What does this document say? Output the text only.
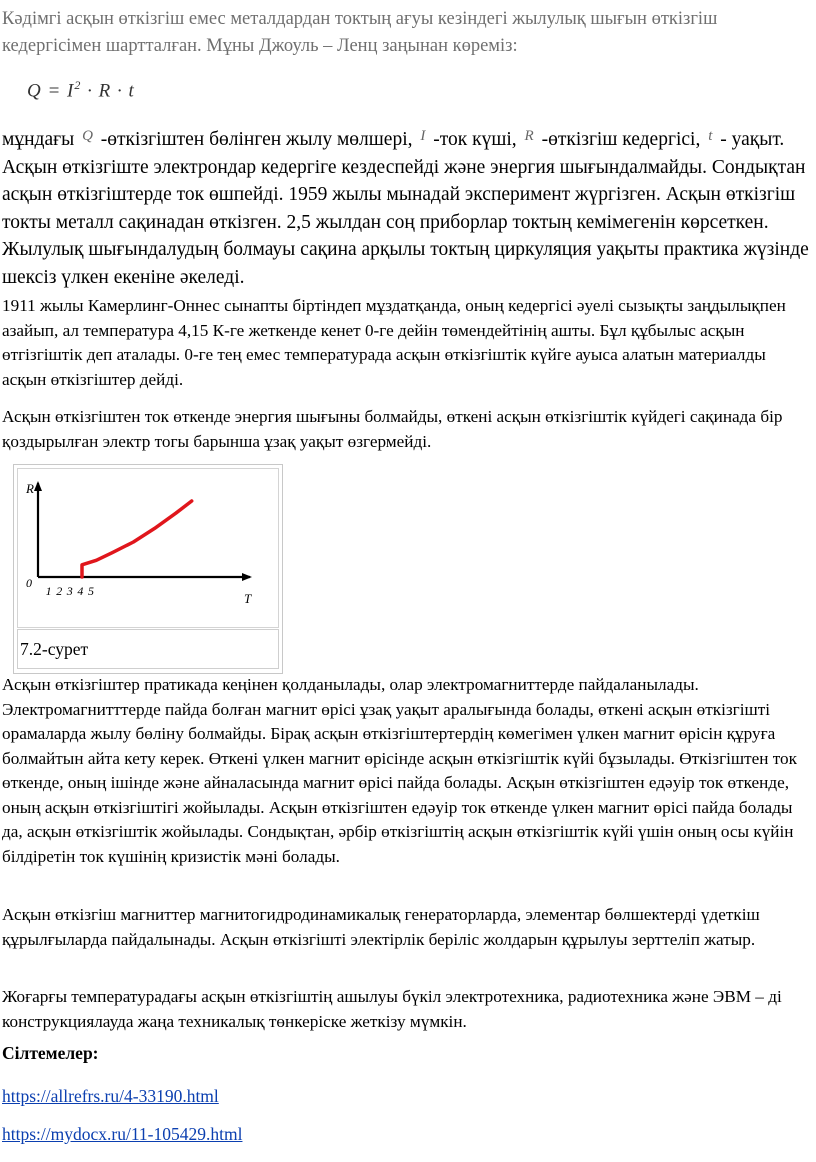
Кәдімгі асқын өткізгіш емес металдардан токтың ағуы кезіндегі жылулық шығын өткізгіш кедергісімен шартталған. Мұны Джоуль – Ленц заңынан көреміз:

$Q = I^2 \cdot R \cdot t$

мұндағы $^Q$ -өткізгіштен бөлінген жылу мөлшері, $^I$ -ток күші, $^R$ -өткізгіш кедергісі, $^t$ - уақыт. Асқын өткізгіште электрондар кедергіге кездеспейді және энергия шығындалмайды. Сондықтан асқын өткізгіштерде ток өшпейді. 1959 жылы мынадай эксперимент жүргізген. Асқын өткізгіш токты металл сақинадан өткізген. 2,5 жылдан соң приборлар токтың кемімегенін көрсеткен. Жылулық шығындалудың болмауы сақина арқылы токтың циркуляция уақыты практика жүзінде шексіз үлкен екеніне әкеледі.

1911 жылы Камерлинг-Оннес сынапты біртіндеп мұздатқанда, оның кедергісі әуелі сызықты заңдылықпен азайып, ал температура 4,15 К-ге жеткенде кенет 0-ге дейін төмендейтінің ашты. Бұл құбылыс асқын өтгізгіштік деп аталады. 0-ге тең емес температурада асқын өткізгіштік күйге ауыса алатын материалды асқын өткізгіштер дейді.

Асқын өткізгіштен ток өткенде энергия шығыны болмайды, өткені асқын өткізгіштік күйдегі сақинада бір қоздырылған электр тогы барынша ұзақ уақыт өзгермейді.

R
T
0
1 2 3 4 5
7.2-сурет

Асқын өткізгіштер пратикада кеңінен қолданылады, олар электромагниттерде пайдаланылады. Электромагнитттерде пайда болған магнит өрісі ұзақ уақыт аралығында болады, өткені асқын өткізгішті орамаларда жылу бөліну болмайды. Бірақ асқын өткізгіштертердің көмегімен үлкен магнит өрісін құруға болмайтын айта кету керек. Өткені үлкен магнит өрісінде асқын өткізгіштік күйі бұзылады. Өткізгіштен ток өткенде, оның ішінде және айналасында магнит өрісі пайда болады. Асқын өткізгіштен едәуір ток өткенде, оның асқын өткізгіштігі жойылады. Асқын өткізгіштен едәуір ток өткенде үлкен магнит өрісі пайда болады да, асқын өткізгіштік жойылады. Сондықтан, әрбір өткізгіштің асқын өткізгіштік күйі үшін оның осы күйін білдіретін ток күшінің кризистік мәні болады.

Асқын өткізгіш магниттер магнитогидродинамикалық генераторларда, элементар бөлшектерді үдеткіш құрылғыларда пайдалынады. Асқын өткізгішті электірлік беріліс жолдарын құрылуы зерттеліп жатыр.

Жоғарғы температурадағы асқын өткізгіштің ашылуы бүкіл электротехника, радиотехника және ЭВМ – ді конструкциялауда жаңа техникалық төнкеріске жеткізу мүмкін.

Сілтемелер:

https://allrefrs.ru/4-33190.html
https://mydocx.ru/11-105429.html
